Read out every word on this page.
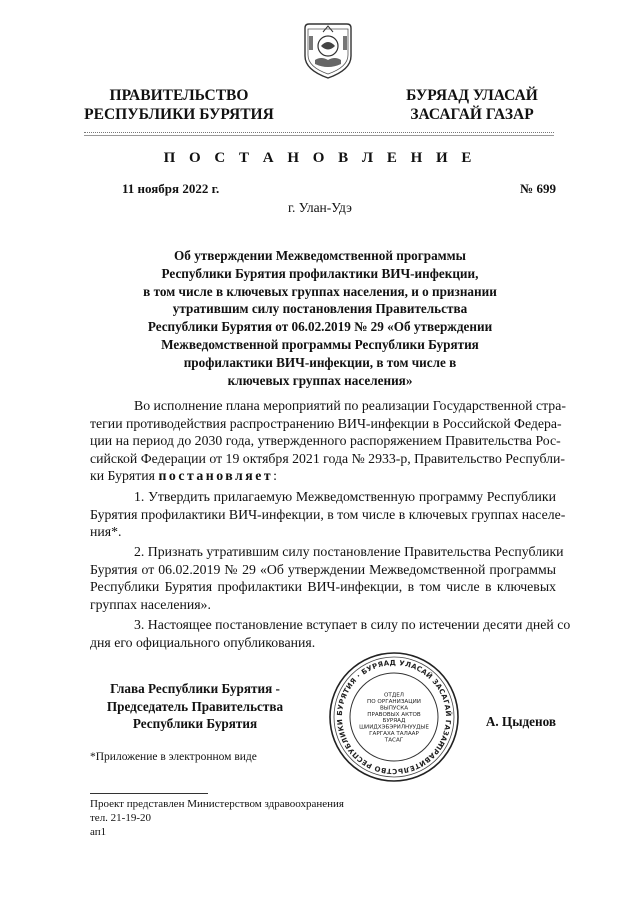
ПРАВИТЕЛЬСТВО
РЕСПУБЛИКИ БУРЯТИЯ
БУРЯАД УЛАСАЙ
ЗАСАГАЙ ГАЗАР
П О С Т А Н О В Л Е Н И Е
11 ноября 2022 г.	№ 699
г. Улан-Удэ
Об утверждении Межведомственной программы
Республики Бурятия профилактики ВИЧ-инфекции,
в том числе в ключевых группах населения, и о признании
утратившим силу постановления Правительства
Республики Бурятия от 06.02.2019 № 29 «Об утверждении
Межведомственной программы Республики Бурятия
профилактики ВИЧ-инфекции, в том числе в
ключевых группах населения»
Во исполнение плана мероприятий по реализации Государственной стра-
тегии противодействия распространению ВИЧ-инфекции в Российской Федера-
ции на период до 2030 года, утвержденного распоряжением Правительства Рос-
сийской Федерации от 19 октября 2021 года № 2933-р, Правительство Республи-
ки Бурятия постановляет:
1. Утвердить прилагаемую Межведомственную программу Республики
Бурятия профилактики ВИЧ-инфекции, в том числе в ключевых группах населе-
ния*.
2. Признать утратившим силу постановление Правительства Республики
Бурятия от 06.02.2019 № 29 «Об утверждении Межведомственной программы
Республики Бурятия профилактики ВИЧ-инфекции, в том числе в ключевых
группах населения».
3. Настоящее постановление вступает в силу по истечении десяти дней со
дня его официального опубликования.
Глава Республики Бурятия -
Председатель Правительства
Республики Бурятия	А. Цыденов
ПРАВИТЕЛЬСТВО РЕСПУБЛИКИ БУРЯТИЯ · БУРЯАД УЛАСАЙ ЗАСАГАЙ ГАЗАР
ОТДЕЛ
ПО ОРГАНИЗАЦИИ
ВЫПУСКА
ПРАВОВЫХ АКТОВ
БУРЯАД
ШИИДХЭБЭРИЛНУУДЫЕ
ГАРГАХА ТАЛААР
ТАСАГ
*Приложение в электронном виде
Проект представлен Министерством здравоохранения
тел. 21-19-20
ап1
